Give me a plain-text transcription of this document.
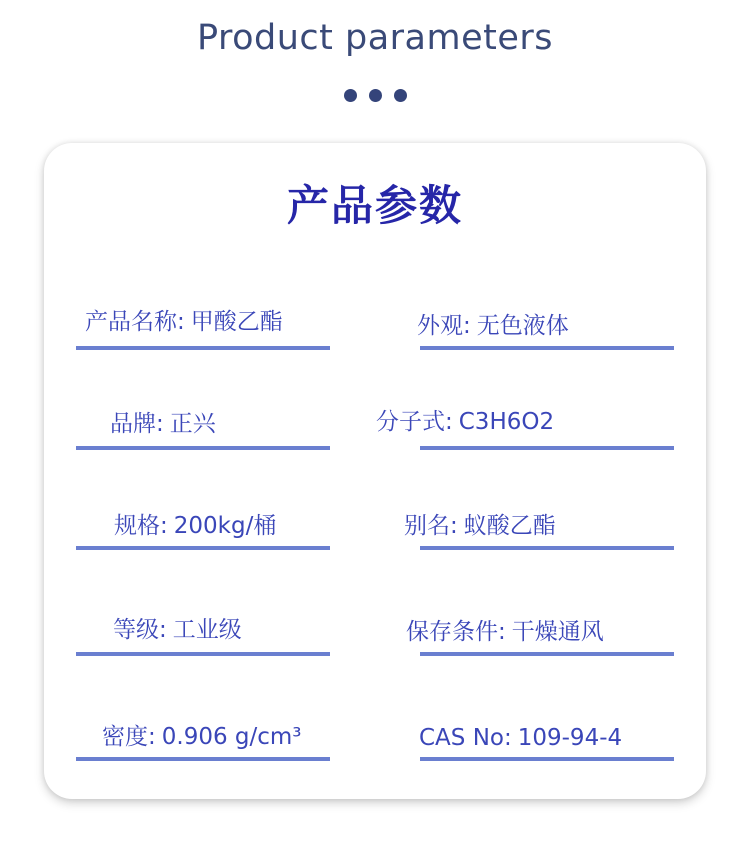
Product parameters
产品参数
产品名称: 甲酸乙酯	外观: 无色液体
品牌: 正兴	分子式: C3H6O2
规格: 200kg/桶	别名: 蚁酸乙酯
等级: 工业级	保存条件: 干燥通风
密度: 0.906 g/cm³	CAS No: 109-94-4
